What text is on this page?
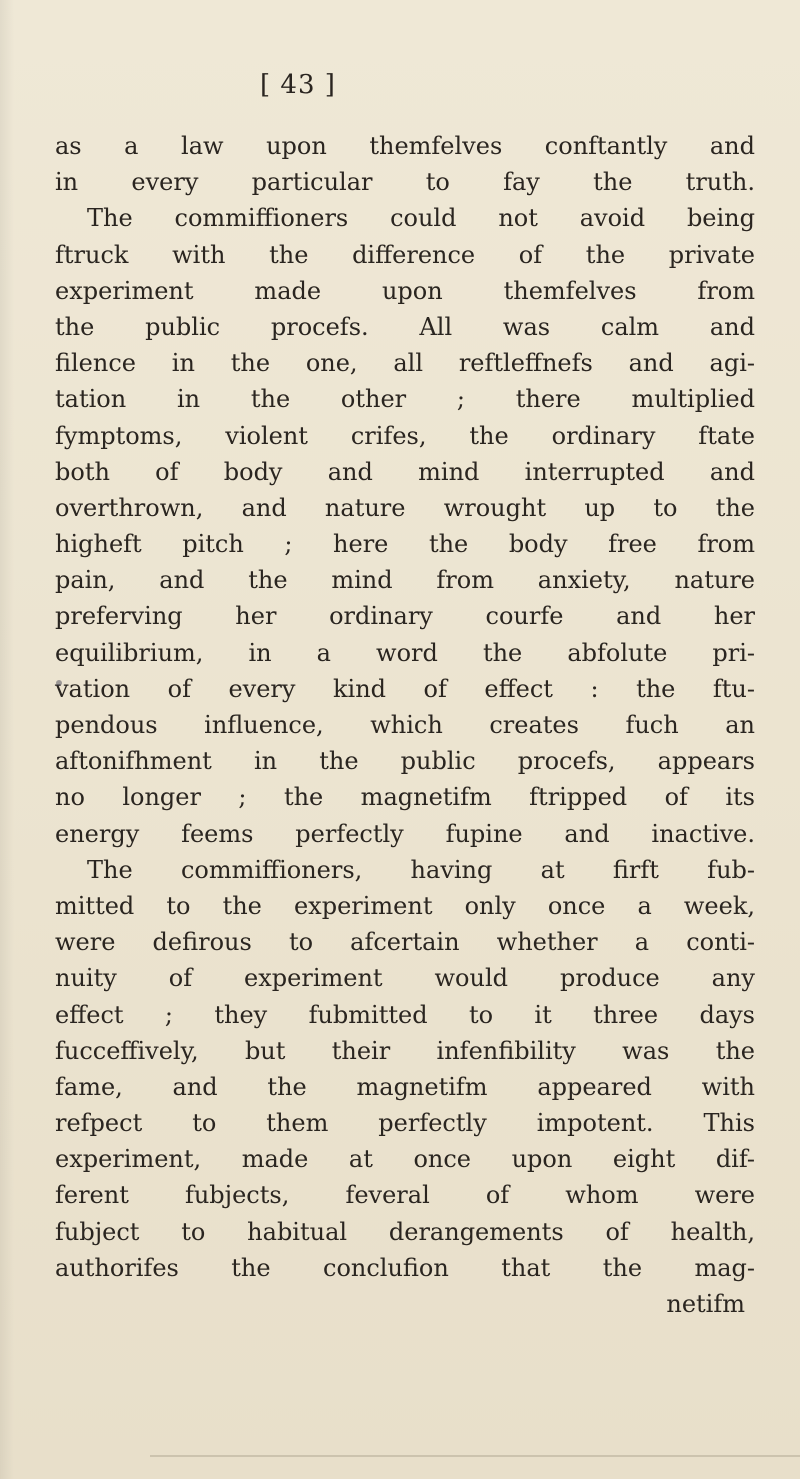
[ 43 ]
as a law upon themfelves conftantly and
in every particular to fay the truth.
The commiffioners could not avoid being
ftruck with the difference of the private
experiment made upon themfelves from
the public procefs. All was calm and
filence in the one, all reftleffnefs and agi-
tation in the other ; there multiplied
fymptoms, violent crifes, the ordinary ftate
both of body and mind interrupted and
overthrown, and nature wrought up to the
higheft pitch ; here the body free from
pain, and the mind from anxiety, nature
preferving her ordinary courfe and her
equilibrium, in a word the abfolute pri-
vation of every kind of effect : the ftu-
pendous influence, which creates fuch an
aftonifhment in the public procefs, appears
no longer ; the magnetifm ftripped of its
energy feems perfectly fupine and inactive.
The commiffioners, having at firft fub-
mitted to the experiment only once a week,
were defirous to afcertain whether a conti-
nuity of experiment would produce any
effect ; they fubmitted to it three days
fucceffively, but their infenfibility was the
fame, and the magnetifm appeared with
refpect to them perfectly impotent. This
experiment, made at once upon eight dif-
ferent fubjects, feveral of whom were
fubject to habitual derangements of health,
authorifes the conclufion that the mag-
netifm
